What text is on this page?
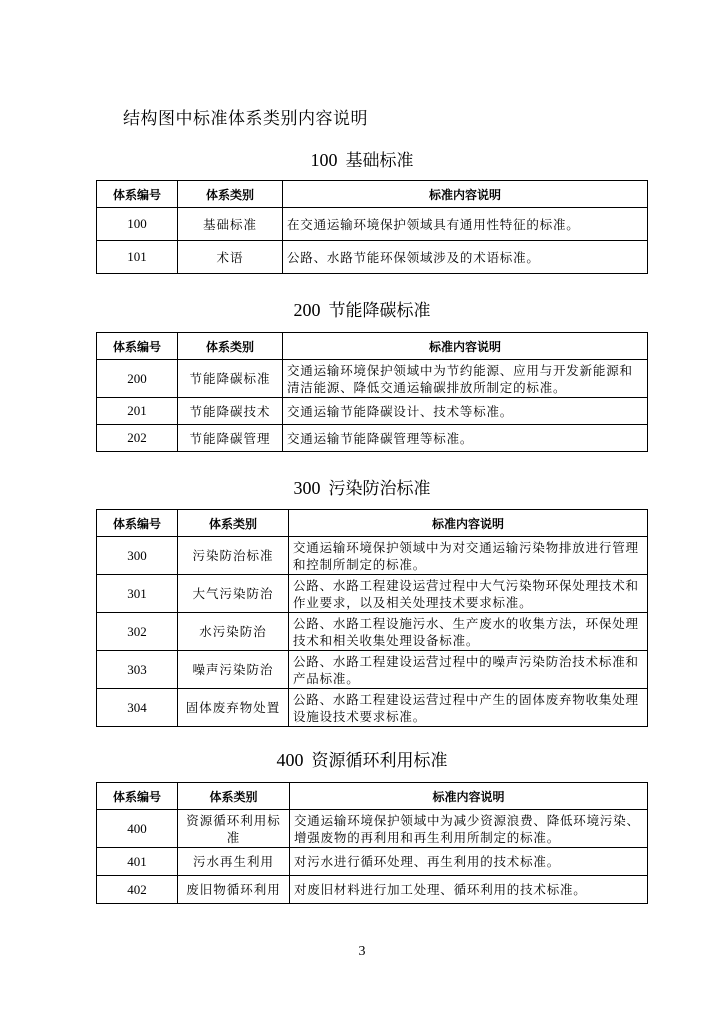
结构图中标准体系类别内容说明
100 基础标准
体系编号	体系类别	标准内容说明
100	基础标准	在交通运输环境保护领域具有通用性特征的标准。
101	术语	公路、水路节能环保领域涉及的术语标准。
200 节能降碳标准
体系编号	体系类别	标准内容说明
200	节能降碳标准	交通运输环境保护领域中为节约能源、应用与开发新能源和清洁能源、降低交通运输碳排放所制定的标准。
201	节能降碳技术	交通运输节能降碳设计、技术等标准。
202	节能降碳管理	交通运输节能降碳管理等标准。
300 污染防治标准
体系编号	体系类别	标准内容说明
300	污染防治标准	交通运输环境保护领域中为对交通运输污染物排放进行管理和控制所制定的标准。
301	大气污染防治	公路、水路工程建设运营过程中大气污染物环保处理技术和作业要求，以及相关处理技术要求标准。
302	水污染防治	公路、水路工程设施污水、生产废水的收集方法，环保处理技术和相关收集处理设备标准。
303	噪声污染防治	公路、水路工程建设运营过程中的噪声污染防治技术标准和产品标准。
304	固体废弃物处置	公路、水路工程建设运营过程中产生的固体废弃物收集处理设施设技术要求标准。
400 资源循环利用标准
体系编号	体系类别	标准内容说明
400	资源循环利用标准	交通运输环境保护领域中为减少资源浪费、降低环境污染、增强废物的再利用和再生利用所制定的标准。
401	污水再生利用	对污水进行循环处理、再生利用的技术标准。
402	废旧物循环利用	对废旧材料进行加工处理、循环利用的技术标准。
3
